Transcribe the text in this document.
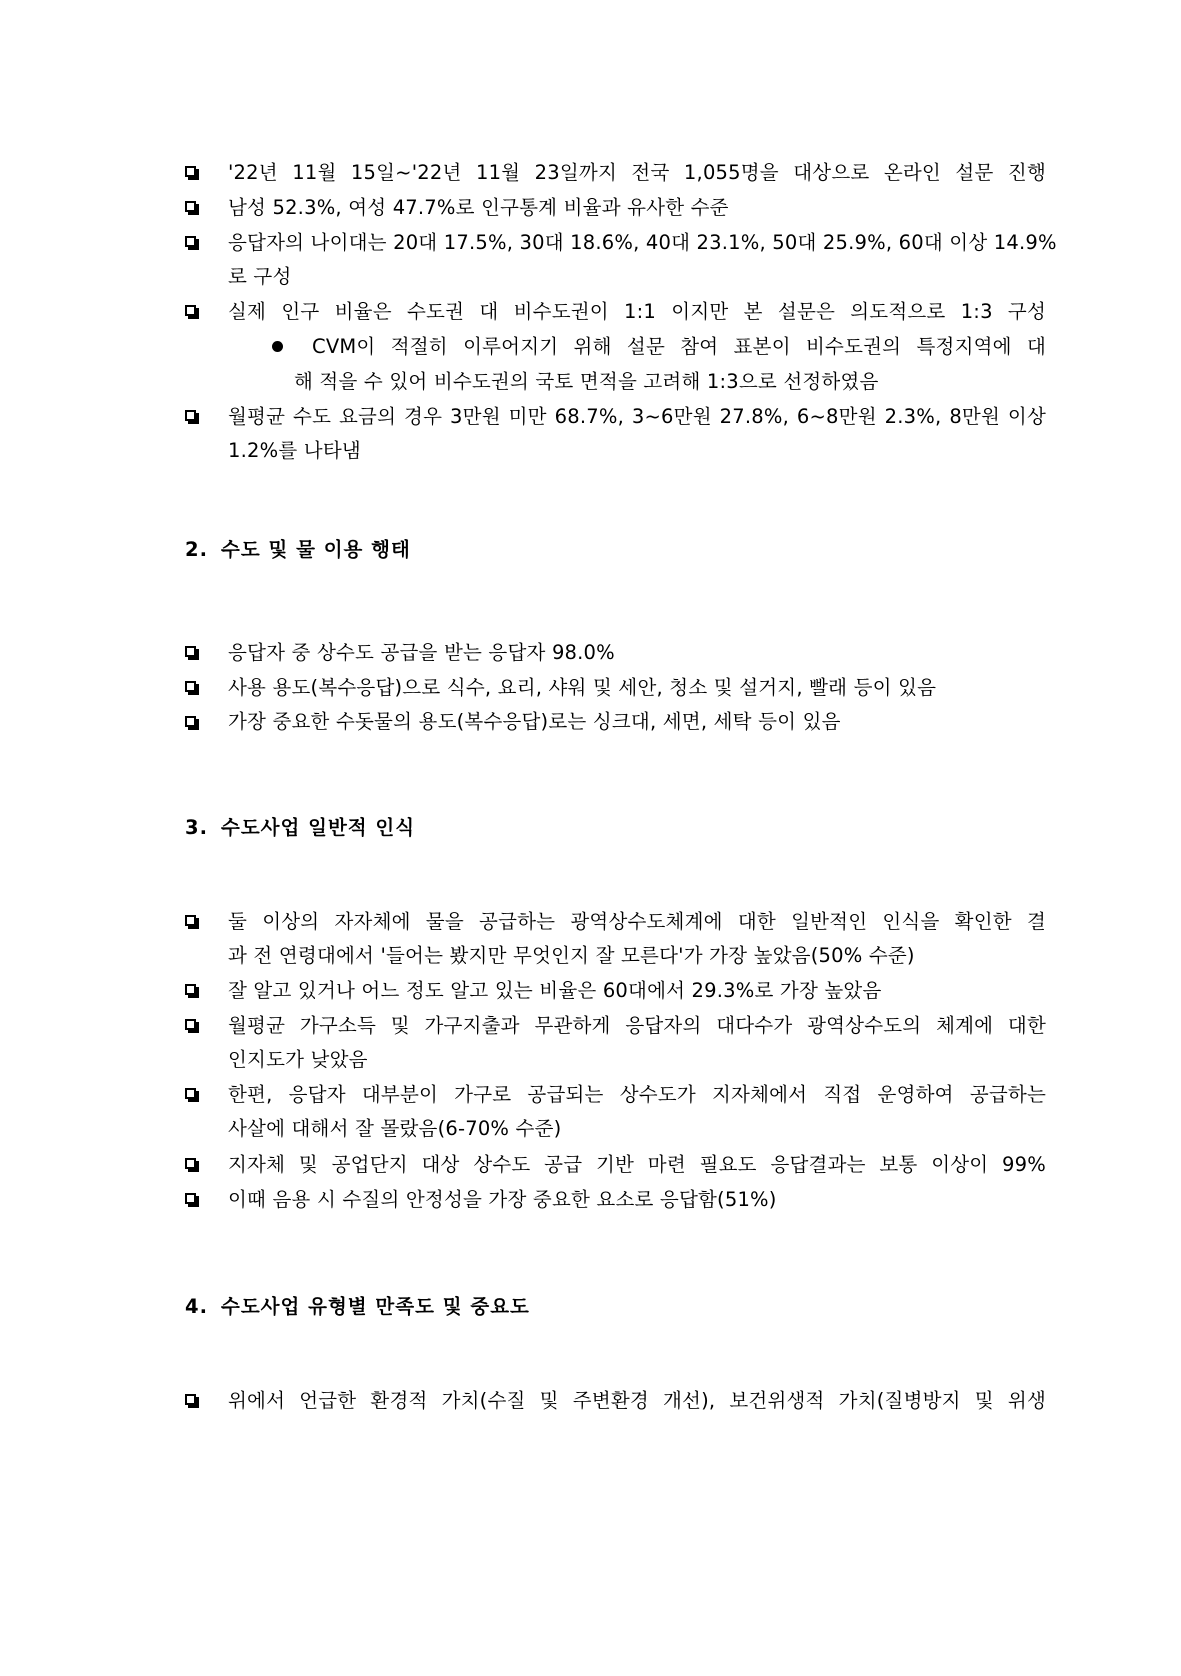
'22년 11월 15일~'22년 11월 23일까지 전국 1,055명을 대상으로 온라인 설문 진행
남성 52.3%, 여성 47.7%로 인구통계 비율과 유사한 수준
응답자의 나이대는 20대 17.5%, 30대 18.6%, 40대 23.1%, 50대 25.9%, 60대 이상 14.9%
로 구성
실제 인구 비율은 수도권 대 비수도권이 1:1 이지만 본 설문은 의도적으로 1:3 구성
CVM이 적절히 이루어지기 위해 설문 참여 표본이 비수도권의 특정지역에 대
해 적을 수 있어 비수도권의 국토 면적을 고려해 1:3으로 선정하였음
월평균 수도 요금의 경우 3만원 미만 68.7%, 3~6만원 27.8%, 6~8만원 2.3%, 8만원 이상
1.2%를 나타냄
2. 수도 및 물 이용 행태
응답자 중 상수도 공급을 받는 응답자 98.0%
사용 용도(복수응답)으로 식수, 요리, 샤워 및 세안, 청소 및 설거지, 빨래 등이 있음
가장 중요한 수돗물의 용도(복수응답)로는 싱크대, 세면, 세탁 등이 있음
3. 수도사업 일반적 인식
둘 이상의 자자체에 물을 공급하는 광역상수도체계에 대한 일반적인 인식을 확인한 결
과 전 연령대에서 '들어는 봤지만 무엇인지 잘 모른다'가 가장 높았음(50% 수준)
잘 알고 있거나 어느 정도 알고 있는 비율은 60대에서 29.3%로 가장 높았음
월평균 가구소득 및 가구지출과 무관하게 응답자의 대다수가 광역상수도의 체계에 대한
인지도가 낮았음
한편, 응답자 대부분이 가구로 공급되는 상수도가 지자체에서 직접 운영하여 공급하는
사살에 대해서 잘 몰랐음(6-70% 수준)
지자체 및 공업단지 대상 상수도 공급 기반 마련 필요도 응답결과는 보통 이상이 99%
이때 음용 시 수질의 안정성을 가장 중요한 요소로 응답함(51%)
4. 수도사업 유형별 만족도 및 중요도
위에서 언급한 환경적 가치(수질 및 주변환경 개선), 보건위생적 가치(질병방지 및 위생
